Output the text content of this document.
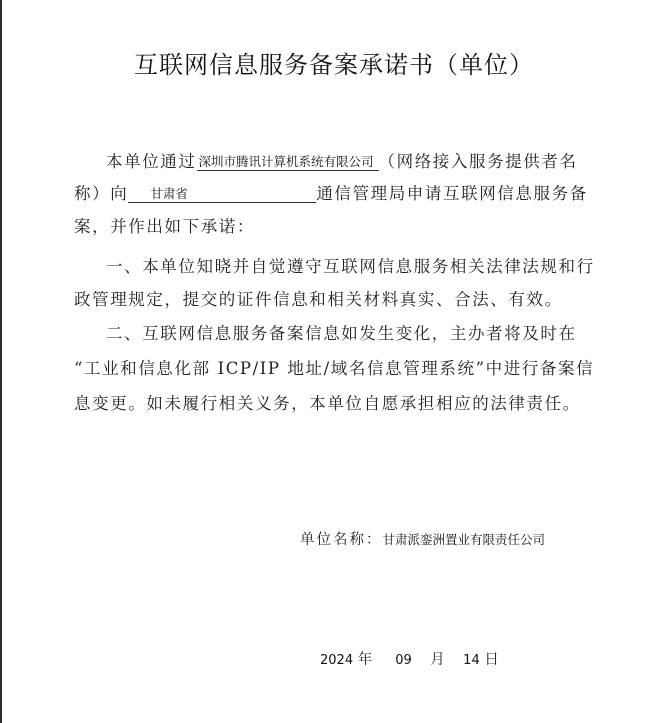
互联网信息服务备案承诺书（单位）
本单位通过 深圳市腾讯计算机系统有限公司 （网络接入服务提供者名
称）向 甘肃省	通信管理局申请互联网信息服务备
案，并作出如下承诺：
一、本单位知晓并自觉遵守互联网信息服务相关法律法规和行
政管理规定，提交的证件信息和相关材料真实、合法、有效。
二、互联网信息服务备案信息如发生变化，主办者将及时在
“工业和信息化部 ICP/IP 地址/域名信息管理系统”中进行备案信
息变更。如未履行相关义务，本单位自愿承担相应的法律责任。
单位名称：甘肃派銮洲置业有限责任公司
2024 年 09 月 14 日
